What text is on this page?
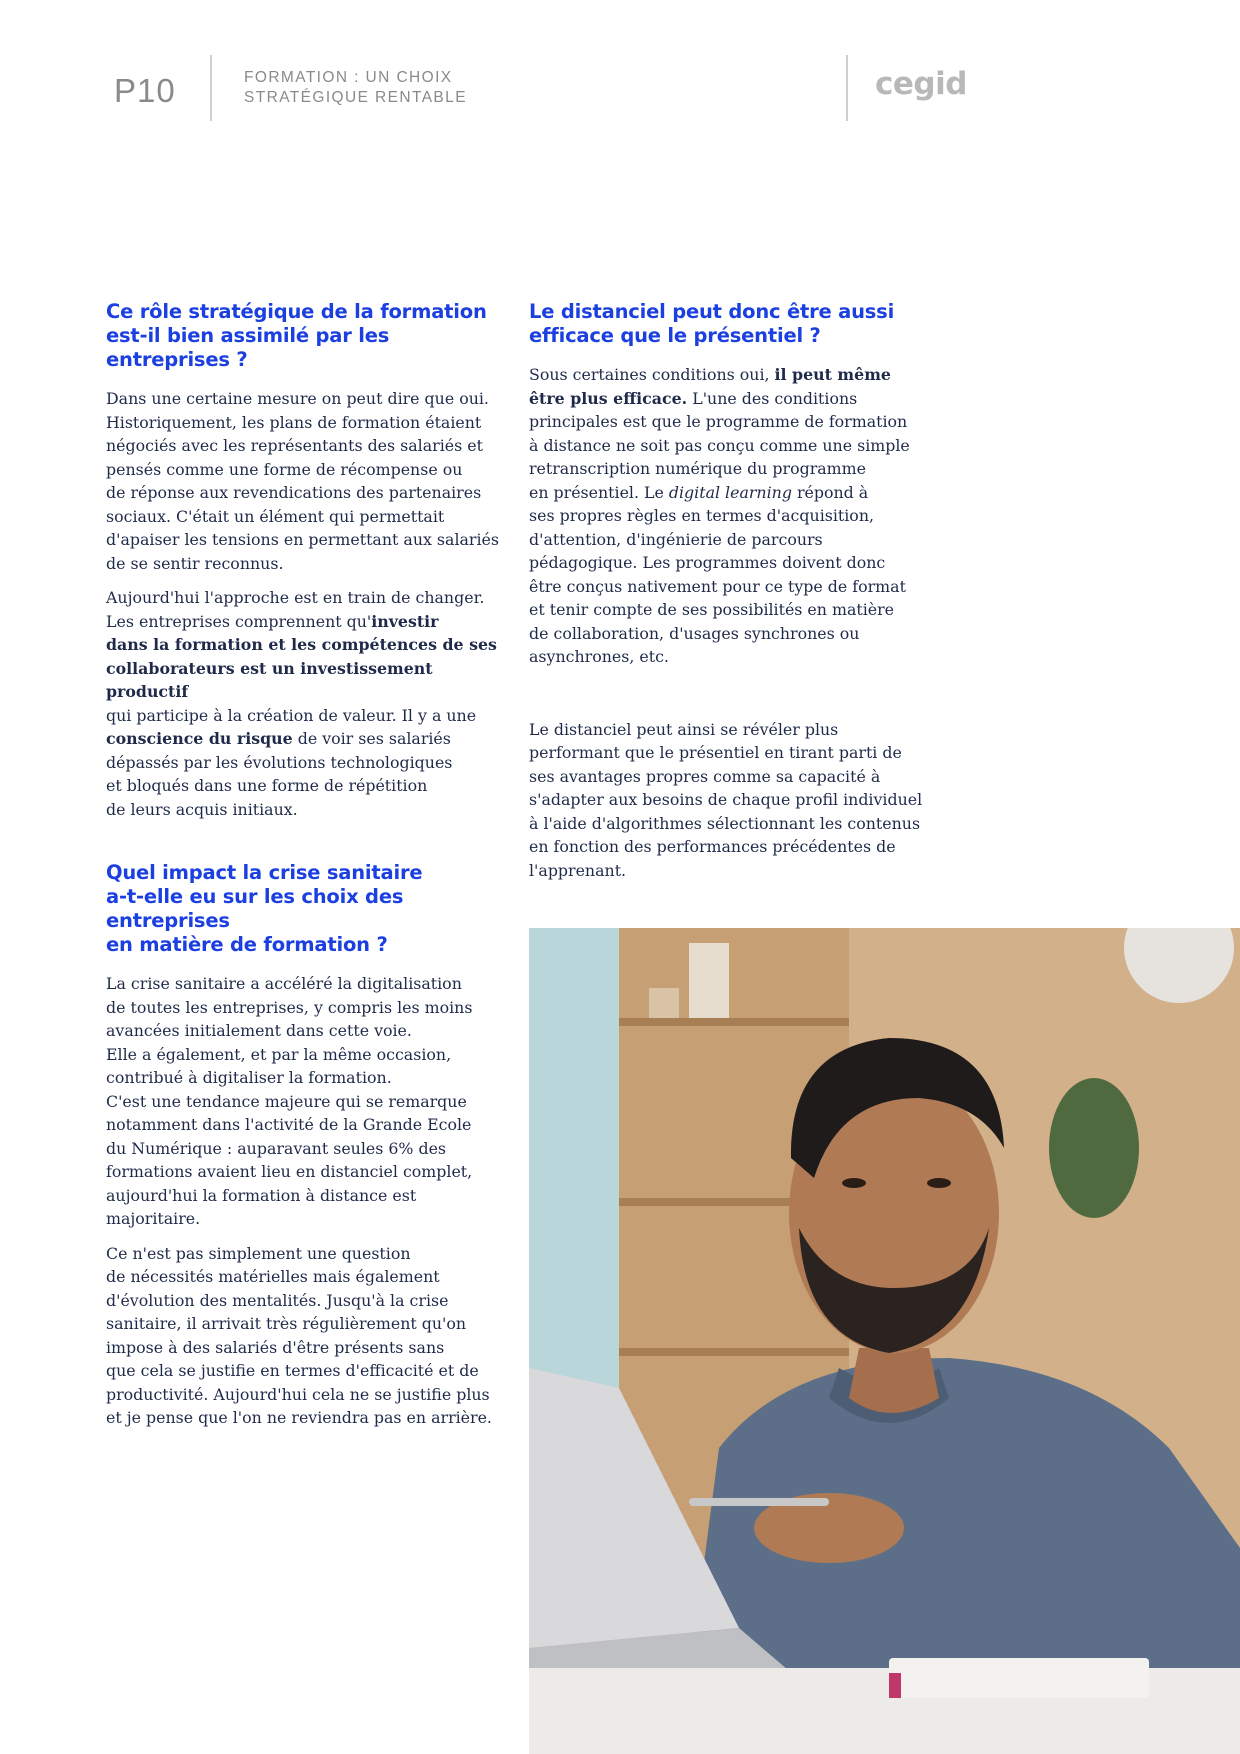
P10	FORMATION : UN CHOIX
STRATÉGIQUE RENTABLE	cegid
Ce rôle stratégique de la formation
est-il bien assimilé par les entreprises ?

Dans une certaine mesure on peut dire que oui.
Historiquement, les plans de formation étaient
négociés avec les représentants des salariés et
pensés comme une forme de récompense ou
de réponse aux revendications des partenaires
sociaux. C'était un élément qui permettait
d'apaiser les tensions en permettant aux salariés
de se sentir reconnus.

Aujourd'hui l'approche est en train de changer.
Les entreprises comprennent qu'investir
dans la formation et les compétences de ses
collaborateurs est un investissement productif
qui participe à la création de valeur. Il y a une
conscience du risque de voir ses salariés
dépassés par les évolutions technologiques
et bloqués dans une forme de répétition
de leurs acquis initiaux.

Quel impact la crise sanitaire
a-t-elle eu sur les choix des entreprises
en matière de formation ?

La crise sanitaire a accéléré la digitalisation
de toutes les entreprises, y compris les moins
avancées initialement dans cette voie.
Elle a également, et par la même occasion,
contribué à digitaliser la formation.
C'est une tendance majeure qui se remarque
notamment dans l'activité de la Grande Ecole
du Numérique : auparavant seules 6% des
formations avaient lieu en distanciel complet,
aujourd'hui la formation à distance est
majoritaire.

Ce n'est pas simplement une question
de nécessités matérielles mais également
d'évolution des mentalités. Jusqu'à la crise
sanitaire, il arrivait très régulièrement qu'on
impose à des salariés d'être présents sans
que cela se justifie en termes d'efficacité et de
productivité. Aujourd'hui cela ne se justifie plus
et je pense que l'on ne reviendra pas en arrière.

Le distanciel peut donc être aussi
efficace que le présentiel ?

Sous certaines conditions oui, il peut même
être plus efficace. L'une des conditions
principales est que le programme de formation
à distance ne soit pas conçu comme une simple
retranscription numérique du programme
en présentiel. Le digital learning répond à
ses propres règles en termes d'acquisition,
d'attention, d'ingénierie de parcours
pédagogique. Les programmes doivent donc
être conçus nativement pour ce type de format
et tenir compte de ses possibilités en matière
de collaboration, d'usages synchrones ou
asynchrones, etc.

Le distanciel peut ainsi se révéler plus
performant que le présentiel en tirant parti de
ses avantages propres comme sa capacité à
s'adapter aux besoins de chaque profil individuel
à l'aide d'algorithmes sélectionnant les contenus
en fonction des performances précédentes de
l'apprenant.
